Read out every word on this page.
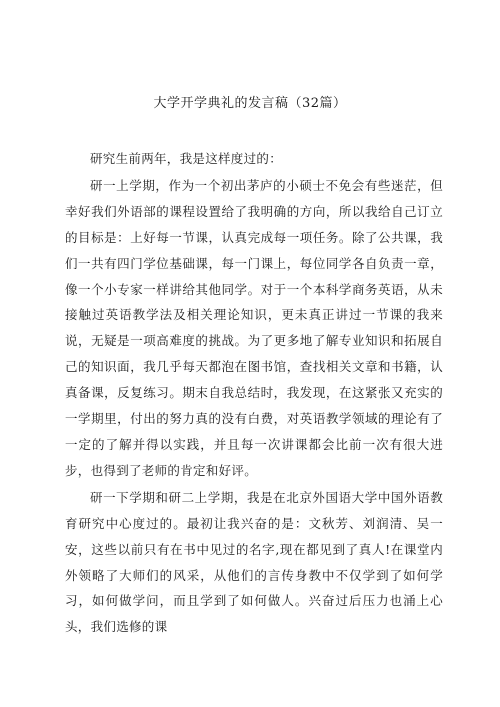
大学开学典礼的发言稿（32篇）

研究生前两年，我是这样度过的：

研一上学期，作为一个初出茅庐的小硕士不免会有些迷茫，但幸好我们外语部的课程设置给了我明确的方向，所以我给自己订立的目标是：上好每一节课，认真完成每一项任务。除了公共课，我们一共有四门学位基础课，每一门课上，每位同学各自负责一章，像一个小专家一样讲给其他同学。对于一个本科学商务英语，从未接触过英语教学法及相关理论知识，更未真正讲过一节课的我来说，无疑是一项高难度的挑战。为了更多地了解专业知识和拓展自己的知识面，我几乎每天都泡在图书馆，查找相关文章和书籍，认真备课，反复练习。期末自我总结时，我发现，在这紧张又充实的一学期里，付出的努力真的没有白费，对英语教学领域的理论有了一定的了解并得以实践，并且每一次讲课都会比前一次有很大进步，也得到了老师的肯定和好评。

研一下学期和研二上学期，我是在北京外国语大学中国外语教育研究中心度过的。最初让我兴奋的是：文秋芳、刘润清、吴一安，这些以前只有在书中见过的名字,现在都见到了真人!在课堂内外领略了大师们的风采，从他们的言传身教中不仅学到了如何学习，如何做学问，而且学到了如何做人。兴奋过后压力也涌上心头，我们选修的课
